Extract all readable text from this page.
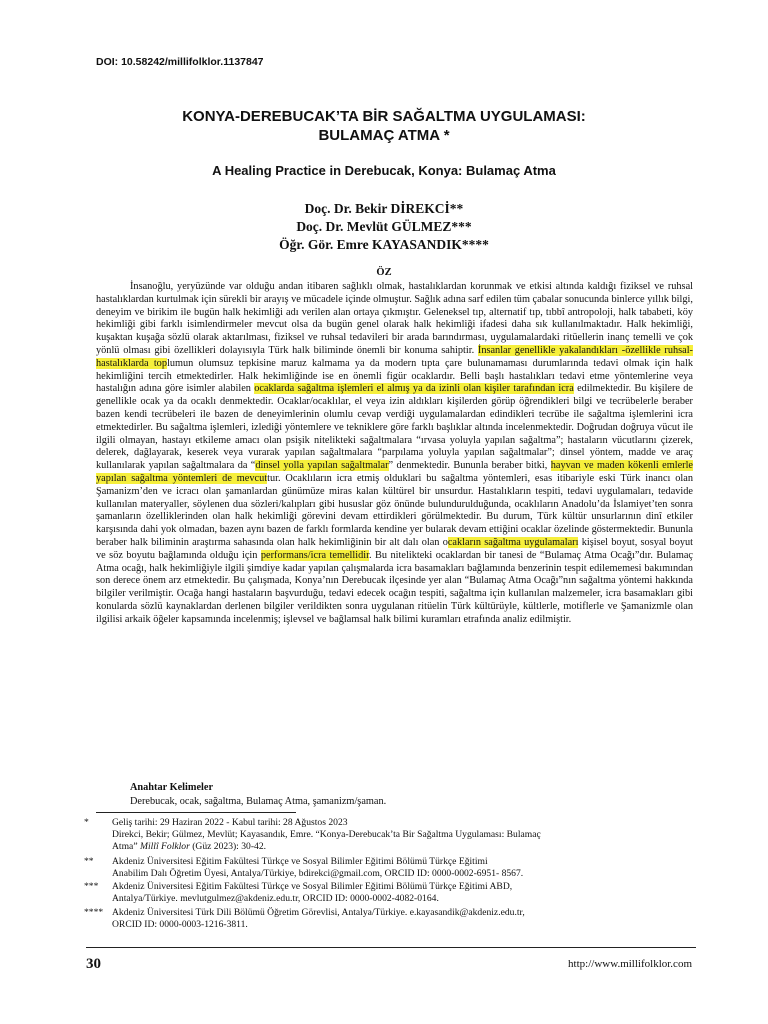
DOI: 10.58242/millifolklor.1137847
KONYA-DEREBUCAK’TA BİR SAĞALTMA UYGULAMASI:
BULAMAÇ ATMA *
A Healing Practice in Derebucak, Konya: Bulamaç Atma
Doç. Dr. Bekir DİREKCİ**
Doç. Dr. Mevlüt GÜLMEZ***
Öğr. Gör. Emre KAYASANDIK****
ÖZ

İnsanoğlu, yeryüzünde var olduğu andan itibaren sağlıklı olmak, hastalıklardan korunmak ve etkisi altında kaldığı fiziksel ve ruhsal hastalıklardan kurtulmak için sürekli bir arayış ve mücadele içinde olmuştur. Sağlık adına sarf edilen tüm çabalar sonucunda binlerce yıllık bilgi, deneyim ve birikim ile bugün halk hekimliği adı verilen alan ortaya çıkmıştır. Geleneksel tıp, alternatif tıp, tıbbî antropoloji, halk tababeti, köy hekimliği gibi farklı isimlendirmeler mevcut olsa da bugün genel olarak halk hekimliği ifadesi daha sık kullanılmaktadır. Halk hekimliği, kuşaktan kuşağa sözlü olarak aktarılması, fiziksel ve ruhsal tedavileri bir arada barındırması, uygulamalardaki ritüellerin inanç temelli ve çok yönlü olması gibi özellikleri dolayısıyla Türk halk biliminde önemli bir konuma sahiptir. İnsanlar genellikle yakalandıkları -özellikle ruhsal- hastalıklarda toplumun olumsuz tepkisine maruz kalmama ya da modern tıpta çare bulunamaması durumlarında tedavi olmak için halk hekimliğini tercih etmektedirler. Halk hekimliğinde ise en önemli figür ocaklardır. Belli başlı hastalıkları tedavi etme yöntemlerine veya hastalığın adına göre isimler alabilen ocaklarda sağaltma işlemleri el almış ya da izinli olan kişiler tarafından icra edilmektedir. Bu kişilere de genellikle ocak ya da ocaklı denmektedir. Ocaklar/ocaklılar, el veya izin aldıkları kişilerden görüp öğrendikleri bilgi ve tecrübelerle beraber bazen kendi tecrübeleri ile bazen de deneyimlerinin olumlu cevap verdiği uygulamalardan edindikleri tecrübe ile sağaltma işlemlerini icra etmektedirler. Bu sağaltma işlemleri, izlediği yöntemlere ve tekniklere göre farklı başlıklar altında incelenmektedir. Doğrudan doğruya vücut ile ilgili olmayan, hastayı etkileme amacı olan psişik nitelikteki sağaltmalara “ırvasa yoluyla yapılan sağaltma”; hastaların vücutlarını çizerek, delerek, dağlayarak, keserek veya vurarak yapılan sağaltmalara “parpılama yoluyla yapılan sağaltmalar”; dinsel yöntem, madde ve araç kullanılarak yapılan sağaltmalara da “dinsel yolla yapılan sağaltmalar” denmektedir. Bununla beraber bitki, hayvan ve maden kökenli emlerle yapılan sağaltma yöntemleri de mevcuttur. Ocaklıların icra etmiş olduklari bu sağaltma yöntemleri, esas itibariyle eski Türk inancı olan Şamanizm’den ve icracı olan şamanlardan günümüze miras kalan kültürel bir unsurdur. Hastalıkların tespiti, tedavi uygulamaları, tedavide kullanılan materyaller, söylenen dua sözleri/kalıpları gibi hususlar göz önünde bulundurulduğunda, ocaklıların Anadolu’da İslamiyet’ten sonra şamanların özelliklerinden olan halk hekimliği görevini devam ettirdikleri görülmektedir. Bu durum, Türk kültür unsurlarının dinî etkiler karşısında dahi yok olmadan, bazen aynı bazen de farklı formlarda kendine yer bularak devam ettiğini ocaklar özelinde göstermektedir. Bununla beraber halk biliminin araştırma sahasında olan halk hekimliğinin bir alt dalı olan ocakların sağaltma uygulamaları kişisel boyut, sosyal boyut ve söz boyutu bağlamında olduğu için performans/icra temellidir. Bu nitelikteki ocaklardan bir tanesi de “Bulamaç Atma Ocağı”dır. Bulamaç Atma ocağı, halk hekimliğiyle ilgili şimdiye kadar yapılan çalışmalarda icra basamakları bağlamında benzerinin tespit edilememesi bakımından son derece önem arz etmektedir. Bu çalışmada, Konya’nın Derebucak ilçesinde yer alan “Bulamaç Atma Ocağı”nın sağaltma yöntemi hakkında bilgiler verilmiştir. Ocağa hangi hastaların başvurduğu, tedavi edecek ocağın tespiti, sağaltma için kullanılan malzemeler, icra basamakları gibi konularda sözlü kaynaklardan derlenen bilgiler verildikten sonra uygulanan ritüelin Türk kültürüyle, kültlerle, motiflerle ve Şamanizmle olan ilgilisi arkaik öğeler kapsamında incelenmiş; işlevsel ve bağlamsal halk bilimi kuramları etrafında analiz edilmiştir.

Anahtar Kelimeler
Derebucak, ocak, sağaltma, Bulamaç Atma, şamanizm/şaman.
*	Geliş tarihi: 29 Haziran 2022 - Kabul tarihi: 28 Ağustos 2023
Direkci, Bekir; Gülmez, Mevlüt; Kayasandık, Emre. “Konya-Derebucak’ta Bir Sağaltma Uygulaması: Bulamaç
Atma” Millî Folklor (Güz 2023): 30-42.
**	Akdeniz Üniversitesi Eğitim Fakültesi Türkçe ve Sosyal Bilimler Eğitimi Bölümü Türkçe Eğitimi
Anabilim Dalı Öğretim Üyesi, Antalya/Türkiye, bdirekci@gmail.com, ORCID ID: 0000-0002-6951- 8567.
***	Akdeniz Üniversitesi Eğitim Fakültesi Türkçe ve Sosyal Bilimler Eğitimi Bölümü Türkçe Eğitimi ABD,
Antalya/Türkiye. mevlutgulmez@akdeniz.edu.tr, ORCID ID: 0000-0002-4082-0164.
**** Akdeniz Üniversitesi Türk Dili Bölümü Öğretim Görevlisi, Antalya/Türkiye. e.kayasandik@akdeniz.edu.tr,
ORCID ID: 0000-0003-1216-3811.
30	http://www.millifolklor.com
